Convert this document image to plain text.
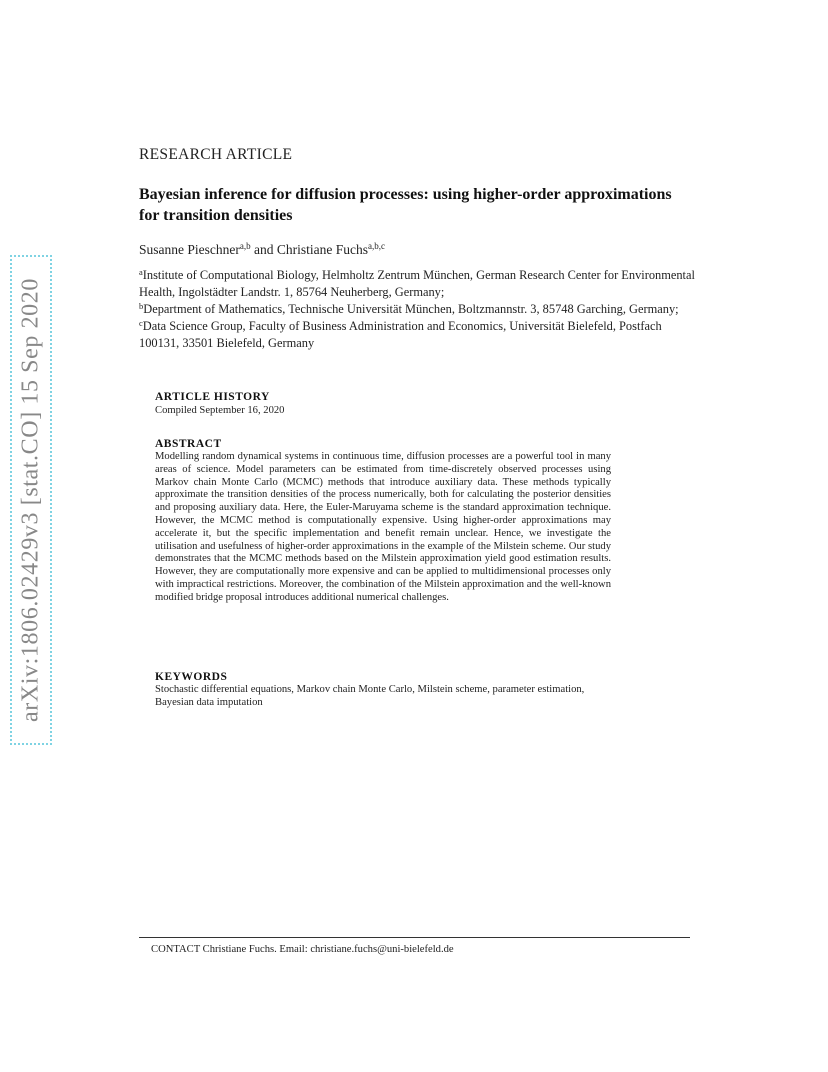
arXiv:1806.02429v3 [stat.CO] 15 Sep 2020
RESEARCH ARTICLE
Bayesian inference for diffusion processes: using higher-order approximations for transition densities
Susanne Pieschner$^{a,b}$ and Christiane Fuchs$^{a,b,c}$

$^a$Institute of Computational Biology, Helmholtz Zentrum München, German Research Center for Environmental Health, Ingolstädter Landstr. 1, 85764 Neuherberg, Germany;

$^b$Department of Mathematics, Technische Universität München, Boltzmannstr. 3, 85748 Garching, Germany;

$^c$Data Science Group, Faculty of Business Administration and Economics, Universität Bielefeld, Postfach 100131, 33501 Bielefeld, Germany

ARTICLE HISTORY
Compiled September 16, 2020
ABSTRACT
Modelling random dynamical systems in continuous time, diffusion processes are a powerful tool in many areas of science. Model parameters can be estimated from time-discretely observed processes using Markov chain Monte Carlo (MCMC) methods that introduce auxiliary data. These methods typically approximate the transition densities of the process numerically, both for calculating the posterior densities and proposing auxiliary data. Here, the Euler-Maruyama scheme is the standard approximation technique. However, the MCMC method is computationally expensive. Using higher-order approximations may accelerate it, but the specific implementation and benefit remain unclear. Hence, we investigate the utilisation and usefulness of higher-order approximations in the example of the Milstein scheme. Our study demonstrates that the MCMC methods based on the Milstein approximation yield good estimation results. However, they are computationally more expensive and can be applied to multidimensional processes only with impractical restrictions. Moreover, the combination of the Milstein approximation and the well-known modified bridge proposal introduces additional numerical challenges.
KEYWORDS
Stochastic differential equations, Markov chain Monte Carlo, Milstein scheme, parameter estimation, Bayesian data imputation
CONTACT Christiane Fuchs. Email: christiane.fuchs@uni-bielefeld.de
